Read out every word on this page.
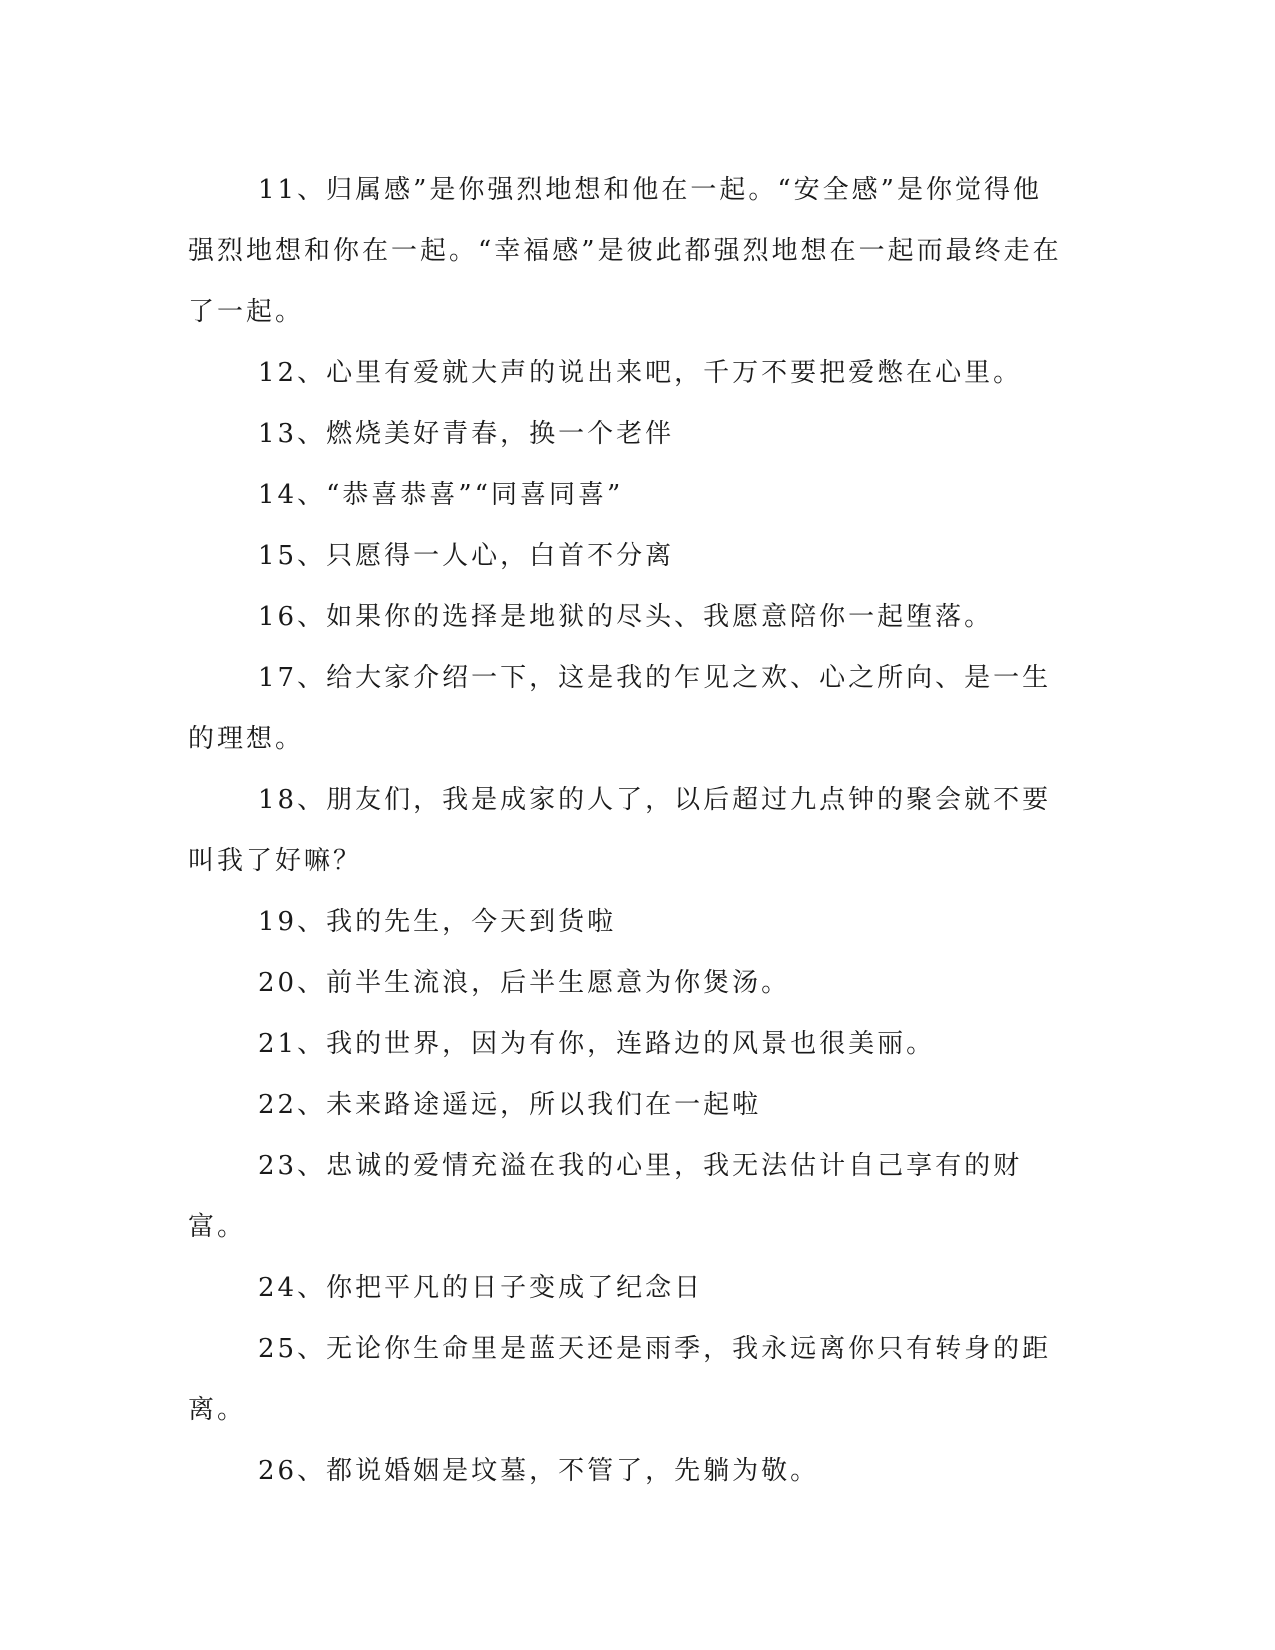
11、归属感”是你强烈地想和他在一起。“安全感”是你觉得他强烈地想和你在一起。“幸福感”是彼此都强烈地想在一起而最终走在了一起。

12、心里有爱就大声的说出来吧，千万不要把爱憋在心里。

13、燃烧美好青春，换一个老伴

14、“恭喜恭喜”“同喜同喜”

15、只愿得一人心，白首不分离

16、如果你的选择是地狱的尽头、我愿意陪你一起堕落。

17、给大家介绍一下，这是我的乍见之欢、心之所向、是一生的理想。

18、朋友们，我是成家的人了，以后超过九点钟的聚会就不要叫我了好嘛？

19、我的先生，今天到货啦

20、前半生流浪，后半生愿意为你煲汤。

21、我的世界，因为有你，连路边的风景也很美丽。

22、未来路途遥远，所以我们在一起啦

23、忠诚的爱情充溢在我的心里，我无法估计自己享有的财富。

24、你把平凡的日子变成了纪念日

25、无论你生命里是蓝天还是雨季，我永远离你只有转身的距离。

26、都说婚姻是坟墓，不管了，先躺为敬。
